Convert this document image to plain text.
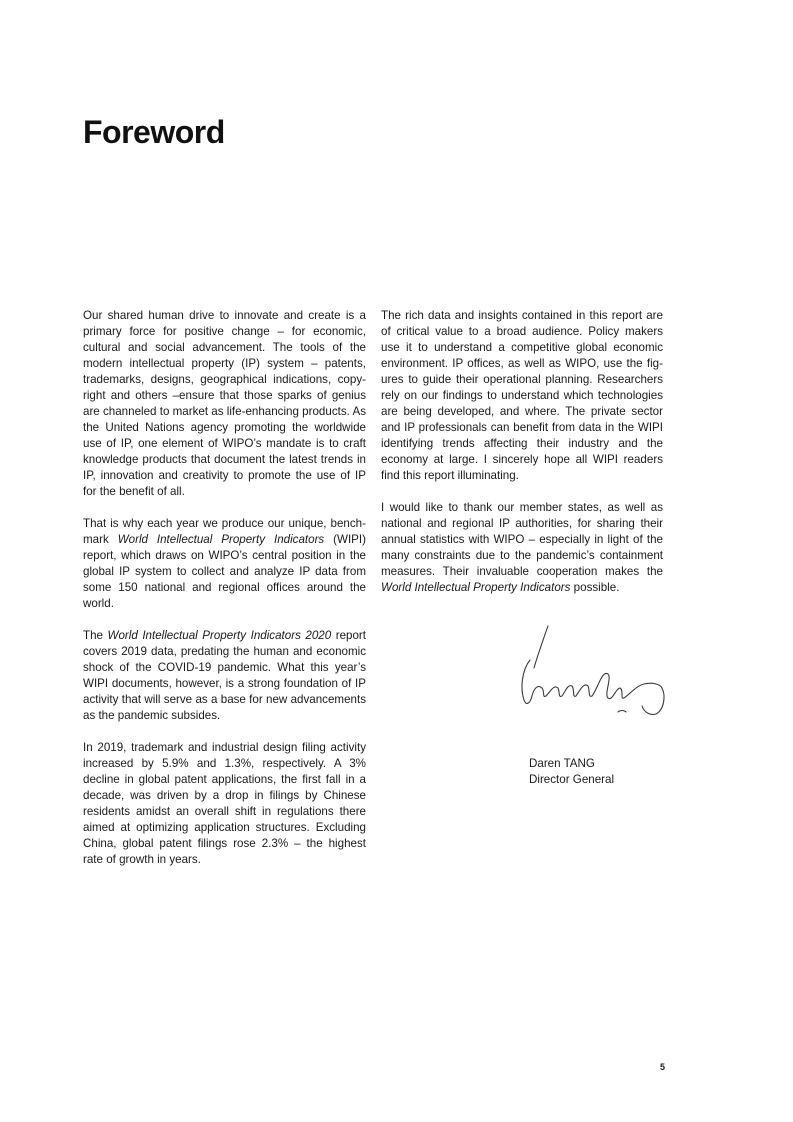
Foreword

Our shared human drive to innovate and create is a primary force for positive change – for economic, cultural and social advancement. The tools of the modern intellectual property (IP) system – patents, trademarks, designs, geographical indications, copyright and others –ensure that those sparks of genius are channeled to market as life-enhancing products. As the United Nations agency promoting the worldwide use of IP, one element of WIPO’s mandate is to craft knowledge products that document the latest trends in IP, innovation and creativity to promote the use of IP for the benefit of all.

That is why each year we produce our unique, benchmark World Intellectual Property Indicators (WIPI) report, which draws on WIPO’s central position in the global IP system to collect and analyze IP data from some 150 national and regional offices around the world.

The World Intellectual Property Indicators 2020 report covers 2019 data, predating the human and economic shock of the COVID-19 pandemic. What this year’s WIPI documents, however, is a strong foundation of IP activity that will serve as a base for new advancements as the pandemic subsides.

In 2019, trademark and industrial design filing activity increased by 5.9% and 1.3%, respectively. A 3% decline in global patent applications, the first fall in a decade, was driven by a drop in filings by Chinese residents amidst an overall shift in regulations there aimed at optimizing application structures. Excluding China, global patent filings rose 2.3% – the highest rate of growth in years.

The rich data and insights contained in this report are of critical value to a broad audience. Policy makers use it to understand a competitive global economic environment. IP offices, as well as WIPO, use the figures to guide their operational planning. Researchers rely on our findings to understand which technologies are being developed, and where. The private sector and IP professionals can benefit from data in the WIPI identifying trends affecting their industry and the economy at large. I sincerely hope all WIPI readers find this report illuminating.

I would like to thank our member states, as well as national and regional IP authorities, for sharing their annual statistics with WIPO – especially in light of the many constraints due to the pandemic’s containment measures. Their invaluable cooperation makes the World Intellectual Property Indicators possible.

Daren TANG
Director General
5
